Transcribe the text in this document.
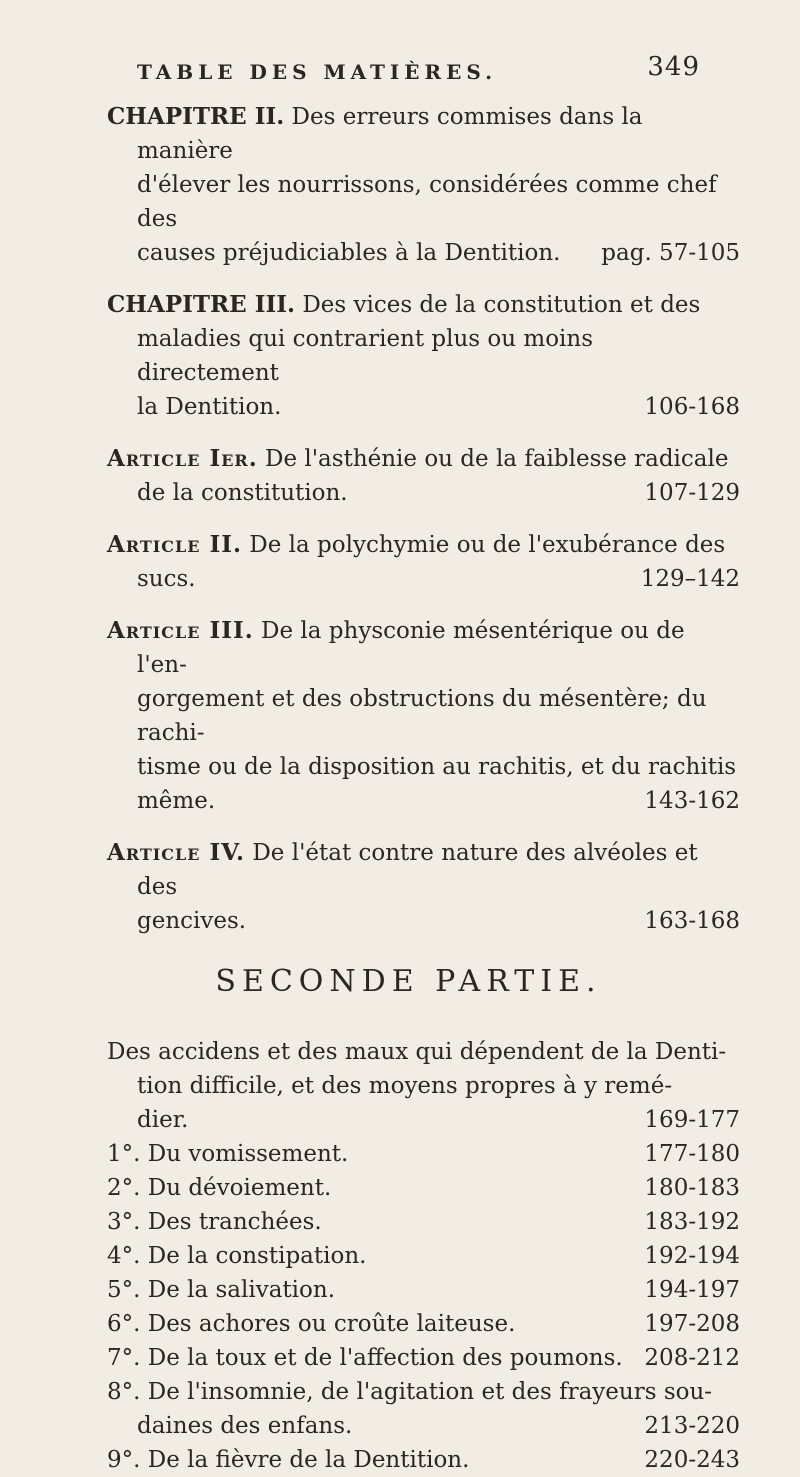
TABLE DES MATIÈRES.	349
CHAPITRE II. Des erreurs commises dans la manière
d'élever les nourrissons, considérées comme chef des
causes préjudiciables à la Dentition. pag. 57-105
CHAPITRE III. Des vices de la constitution et des
maladies qui contrarient plus ou moins directement
la Dentition.	106-168
Article Ier. De l'asthénie ou de la faiblesse radicale
de la constitution.	107-129
Article II. De la polychymie ou de l'exubérance des
sucs.	129–142
Article III. De la physconie mésentérique ou de l'en-
gorgement et des obstructions du mésentère; du rachi-
tisme ou de la disposition au rachitis, et du rachitis
même.	143-162
Article IV. De l'état contre nature des alvéoles et des
gencives.	163-168
SECONDE PARTIE.
Des accidens et des maux qui dépendent de la Denti-
tion difficile, et des moyens propres à y remé-
dier.	169-177
1°. Du vomissement.	177-180
2°. Du dévoiement.	180-183
3°. Des tranchées.	183-192
4°. De la constipation.	192-194
5°. De la salivation.	194-197
6°. Des achores ou croûte laiteuse.	197-208
7°. De la toux et de l'affection des poumons. 208-212
8°. De l'insomnie, de l'agitation et des frayeurs sou-
daines des enfans.	213-220
9°. De la fièvre de la Dentition.	220-243
